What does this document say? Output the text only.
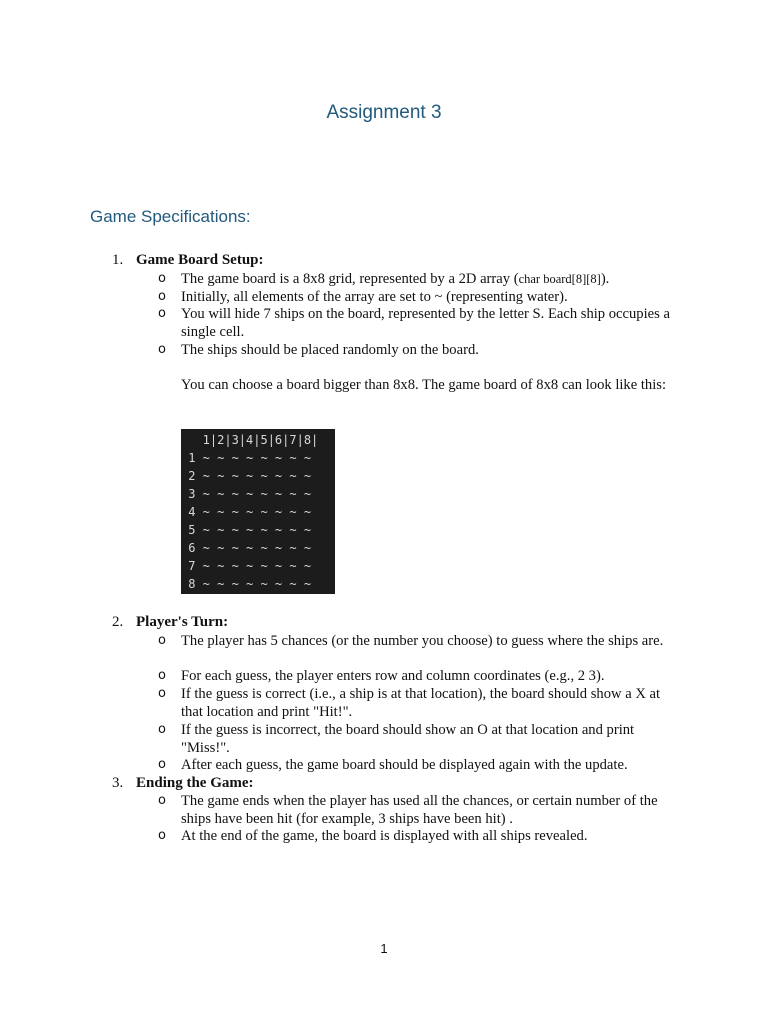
Assignment 3
Game Specifications:
1. Game Board Setup:
o The game board is a 8x8 grid, represented by a 2D array (char board[8][8]).
o Initially, all elements of the array are set to ~ (representing water).
o You will hide 7 ships on the board, represented by the letter S. Each ship occupies a single cell.
o The ships should be placed randomly on the board.
You can choose a board bigger than 8x8. The game board of 8x8 can look like this:
1|2|3|4|5|6|7|8|
1 ~ ~ ~ ~ ~ ~ ~ ~
2 ~ ~ ~ ~ ~ ~ ~ ~
3 ~ ~ ~ ~ ~ ~ ~ ~
4 ~ ~ ~ ~ ~ ~ ~ ~
5 ~ ~ ~ ~ ~ ~ ~ ~
6 ~ ~ ~ ~ ~ ~ ~ ~
7 ~ ~ ~ ~ ~ ~ ~ ~
8 ~ ~ ~ ~ ~ ~ ~ ~
2. Player's Turn:
o The player has 5 chances (or the number you choose) to guess where the ships are.
o For each guess, the player enters row and column coordinates (e.g., 2 3).
o If the guess is correct (i.e., a ship is at that location), the board should show a X at that location and print "Hit!".
o If the guess is incorrect, the board should show an O at that location and print "Miss!".
o After each guess, the game board should be displayed again with the update.
3. Ending the Game:
o The game ends when the player has used all the chances, or certain number of the ships have been hit (for example, 3 ships have been hit) .
o At the end of the game, the board is displayed with all ships revealed.
1
